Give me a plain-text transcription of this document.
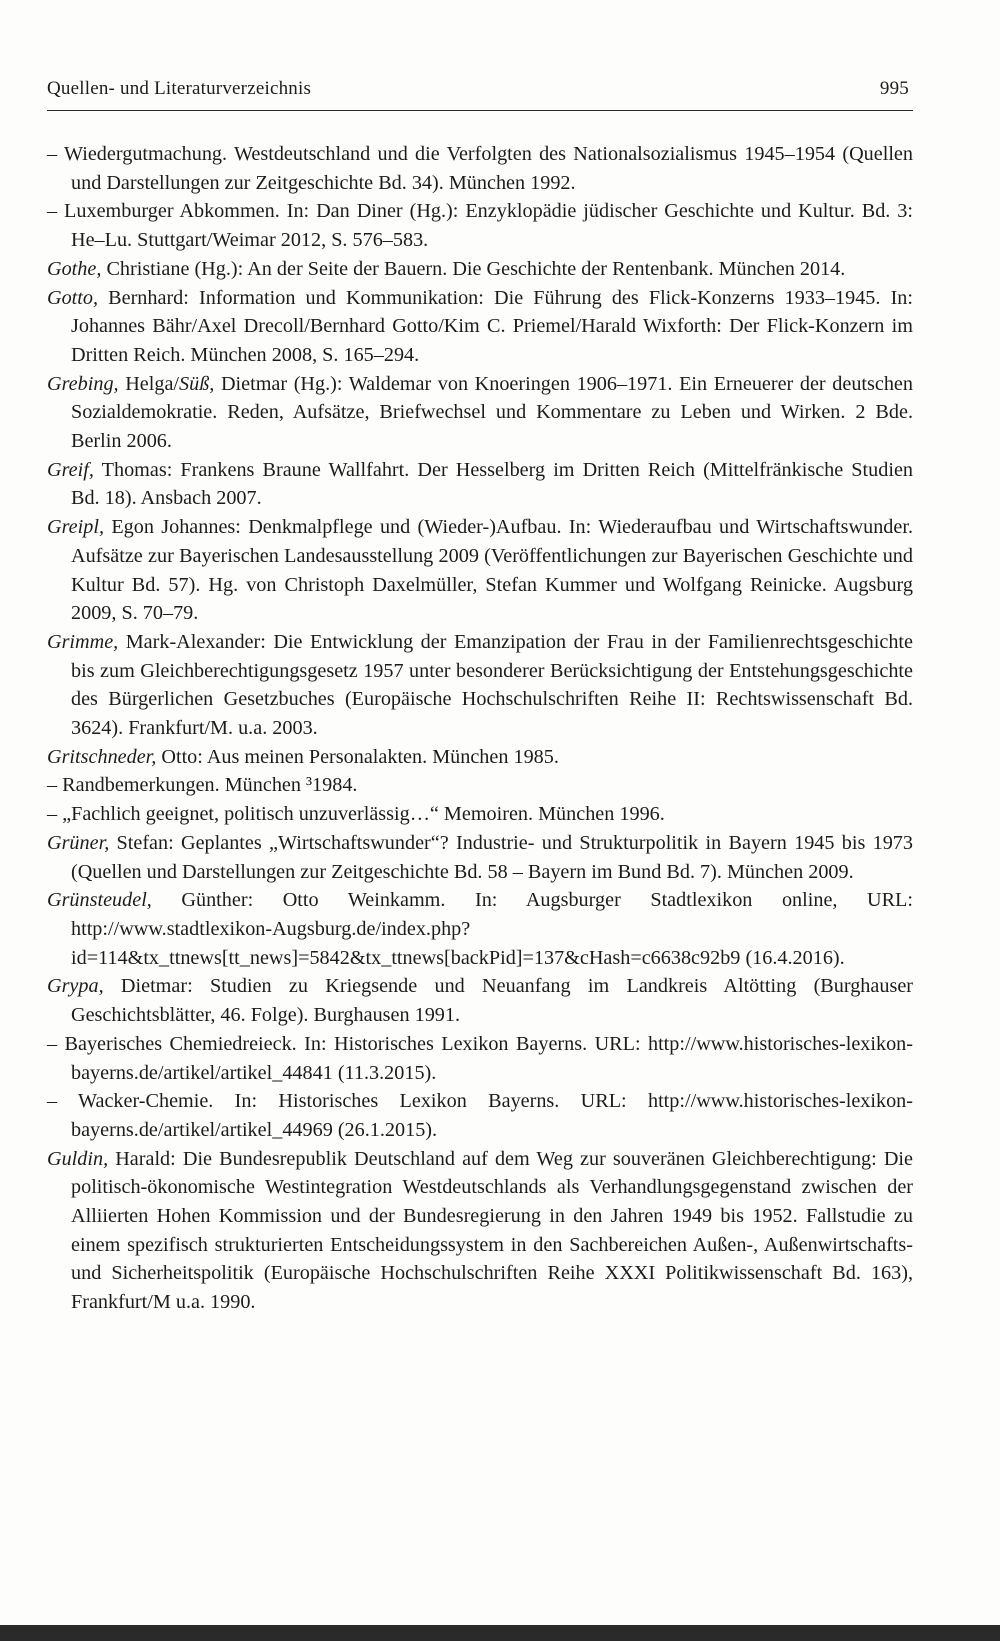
Quellen- und Literaturverzeichnis	995

– Wiedergutmachung. Westdeutschland und die Verfolgten des Nationalsozialismus 1945–1954 (Quellen und Darstellungen zur Zeitgeschichte Bd. 34). München 1992.

– Luxemburger Abkommen. In: Dan Diner (Hg.): Enzyklopädie jüdischer Geschichte und Kultur. Bd. 3: He–Lu. Stuttgart/Weimar 2012, S. 576–583.

Gothe, Christiane (Hg.): An der Seite der Bauern. Die Geschichte der Rentenbank. München 2014.

Gotto, Bernhard: Information und Kommunikation: Die Führung des Flick-Konzerns 1933–1945. In: Johannes Bähr/Axel Drecoll/Bernhard Gotto/Kim C. Priemel/Harald Wixforth: Der Flick-Konzern im Dritten Reich. München 2008, S. 165–294.

Grebing, Helga/Süß, Dietmar (Hg.): Waldemar von Knoeringen 1906–1971. Ein Erneuerer der deutschen Sozialdemokratie. Reden, Aufsätze, Briefwechsel und Kommentare zu Leben und Wirken. 2 Bde. Berlin 2006.

Greif, Thomas: Frankens Braune Wallfahrt. Der Hesselberg im Dritten Reich (Mittelfränkische Studien Bd. 18). Ansbach 2007.

Greipl, Egon Johannes: Denkmalpflege und (Wieder-)Aufbau. In: Wiederaufbau und Wirtschaftswunder. Aufsätze zur Bayerischen Landesausstellung 2009 (Veröffentlichungen zur Bayerischen Geschichte und Kultur Bd. 57). Hg. von Christoph Daxelmüller, Stefan Kummer und Wolfgang Reinicke. Augsburg 2009, S. 70–79.

Grimme, Mark-Alexander: Die Entwicklung der Emanzipation der Frau in der Familienrechtsgeschichte bis zum Gleichberechtigungsgesetz 1957 unter besonderer Berücksichtigung der Entstehungsgeschichte des Bürgerlichen Gesetzbuches (Europäische Hochschulschriften Reihe II: Rechtswissenschaft Bd. 3624). Frankfurt/M. u.a. 2003.

Gritschneder, Otto: Aus meinen Personalakten. München 1985.

– Randbemerkungen. München ³1984.

– „Fachlich geeignet, politisch unzuverlässig…“ Memoiren. München 1996.

Grüner, Stefan: Geplantes „Wirtschaftswunder“? Industrie- und Strukturpolitik in Bayern 1945 bis 1973 (Quellen und Darstellungen zur Zeitgeschichte Bd. 58 – Bayern im Bund Bd. 7). München 2009.

Grünsteudel, Günther: Otto Weinkamm. In: Augsburger Stadtlexikon online, URL: http://www.stadtlexikon-Augsburg.de/index.php?id=114&tx_ttnews[tt_news]=5842&tx_ttnews[backPid]=137&cHash=c6638c92b9 (16.4.2016).

Grypa, Dietmar: Studien zu Kriegsende und Neuanfang im Landkreis Altötting (Burghauser Geschichtsblätter, 46. Folge). Burghausen 1991.

– Bayerisches Chemiedreieck. In: Historisches Lexikon Bayerns. URL: http://www.historisches-lexikon-bayerns.de/artikel/artikel_44841 (11.3.2015).

– Wacker-Chemie. In: Historisches Lexikon Bayerns. URL: http://www.historisches-lexikon-bayerns.de/artikel/artikel_44969 (26.1.2015).

Guldin, Harald: Die Bundesrepublik Deutschland auf dem Weg zur souveränen Gleichberechtigung: Die politisch-ökonomische Westintegration Westdeutschlands als Verhandlungsgegenstand zwischen der Alliierten Hohen Kommission und der Bundesregierung in den Jahren 1949 bis 1952. Fallstudie zu einem spezifisch strukturierten Entscheidungssystem in den Sachbereichen Außen-, Außenwirtschafts- und Sicherheitspolitik (Europäische Hochschulschriften Reihe XXXI Politikwissenschaft Bd. 163), Frankfurt/M u.a. 1990.
